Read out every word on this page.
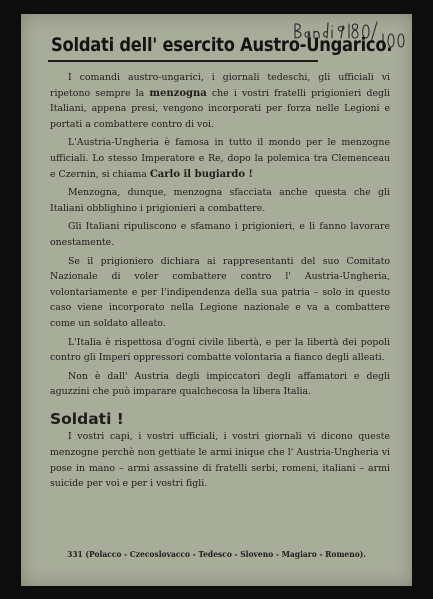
Soldati dell' esercito Austro-Ungarico.

I comandi austro-ungarici, i giornali tedeschi, gli ufficiali vi ripetono sempre la menzogna che i vostri fratelli prigionieri degli Italiani, appena presi, vengono incorporati per forza nelle Legioni e portati a combattere contro di voi.

L'Austria-Ungheria è famosa in tutto il mondo per le menzogne ufficiali. Lo stesso Imperatore e Re, dopo la polemica tra Clemenceau e Czernin, si chiama Carlo il bugiardo !

Menzogna, dunque, menzogna sfacciata anche questa che gli Italiani obblighino i prigionieri a combattere.

Gli Italiani ripuliscono e sfamano i prigionieri, e li fanno lavorare onestamente.

Se il prigioniero dichiara ai rappresentanti del suo Comitato Nazionale di voler combattere contro l' Austria-Ungheria, volontariamente e per l'indipendenza della sua patria – solo in questo caso viene incorporato nella Legione nazionale e va a combattere come un soldato alleato.

L'Italia è rispettosa d'ogni civile libertà, e per la libertà dei popoli contro gli Imperi oppressori combatte volontaria a fianco degli alleati.

Non è dall' Austria degli impiccatori degli affamatori e degli aguzzini che può imparare qualchecosa la libera Italia.

Soldati !

I vostri capi, i vostri ufficiali, i vostri giornali vi dicono queste menzogne perchè non gettiate le armi inique che l' Austria-Ungheria vi pose in mano – armi assassine di fratelli serbi, romeni, italiani – armi suicide per voi e per i vostri figli.

331 (Polacco - Czecoslovacco - Tedesco - Sloveno - Magiaro - Romeno).
